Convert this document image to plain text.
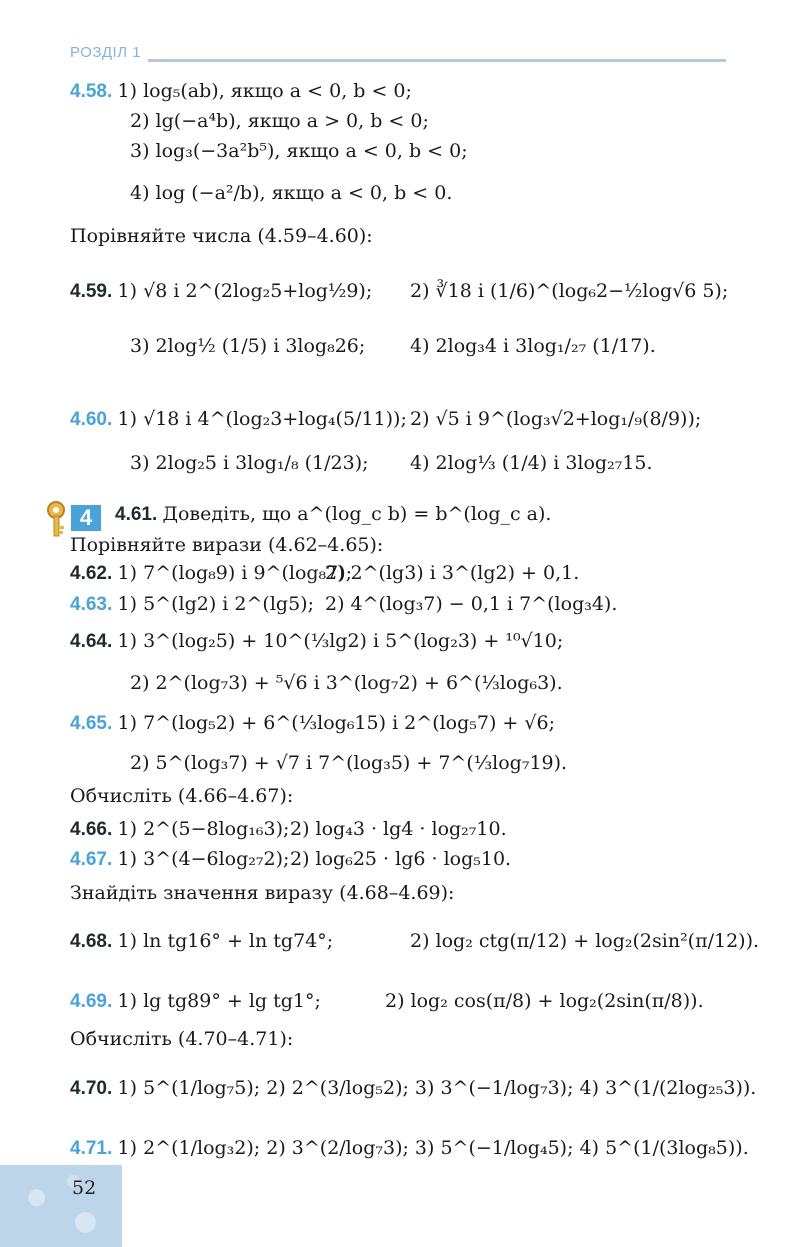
РОЗДІЛ 1
4
4.58. 1) log₅(ab), якщо a < 0, b < 0;
2) lg(−a⁴b), якщо a > 0, b < 0;
3) log₃(−3a²b⁵), якщо a < 0, b < 0;
4) log (−a²/b), якщо a < 0, b < 0.
Порівняйте числа (4.59–4.60):
4.59. 1) √8 і 2^(2log₂5+log½9); 2) ∛18 і (1/6)^(log₆2−½log√6 5);
3) 2log½ (1/5) і 3log₈26; 4) 2log₃4 і 3log₁/₂₇ (1/17).
4.60. 1) √18 і 4^(log₂3+log₄(5/11)); 2) √5 і 9^(log₃√2+log₁/₉(8/9));
3) 2log₂5 і 3log₁/₈ (1/23); 4) 2log⅓ (1/4) і 3log₂₇15.
4.61. Доведіть, що a^(log_c b) = b^(log_c a).
Порівняйте вирази (4.62–4.65):
4.62. 1) 7^(log₈9) і 9^(log₈7);
2) 2^(lg3) і 3^(lg2) + 0,1.
4.63. 1) 5^(lg2) і 2^(lg5); 2) 4^(log₃7) − 0,1 і 7^(log₃4).
4.64. 1) 3^(log₂5) + 10^(⅓lg2) і 5^(log₂3) + ¹⁰√10;
2) 2^(log₇3) + ⁵√6 і 3^(log₇2) + 6^(⅓log₆3).
4.65. 1) 7^(log₅2) + 6^(⅓log₆15) і 2^(log₅7) + √6;
2) 5^(log₃7) + √7 і 7^(log₃5) + 7^(⅓log₇19).
Обчисліть (4.66–4.67):
4.66. 1) 2^(5−8log₁₆3); 2) log₄3 · lg4 · log₂₇10.
4.67. 1) 3^(4−6log₂₇2); 2) log₆25 · lg6 · log₅10.
Знайдіть значення виразу (4.68–4.69):
4.68. 1) ln tg16° + ln tg74°;	2) log₂ ctg(π/12) + log₂(2sin²(π/12)).
4.69. 1) lg tg89° + lg tg1°;	2) log₂ cos(π/8) + log₂(2sin(π/8)).
Обчисліть (4.70–4.71):
4.70. 1) 5^(1/log₇5); 2) 2^(3/log₅2); 3) 3^(−1/log₇3); 4) 3^(1/(2log₂₅3)).
4.71. 1) 2^(1/log₃2); 2) 3^(2/log₇3); 3) 5^(−1/log₄5); 4) 5^(1/(3log₈5)).
52
